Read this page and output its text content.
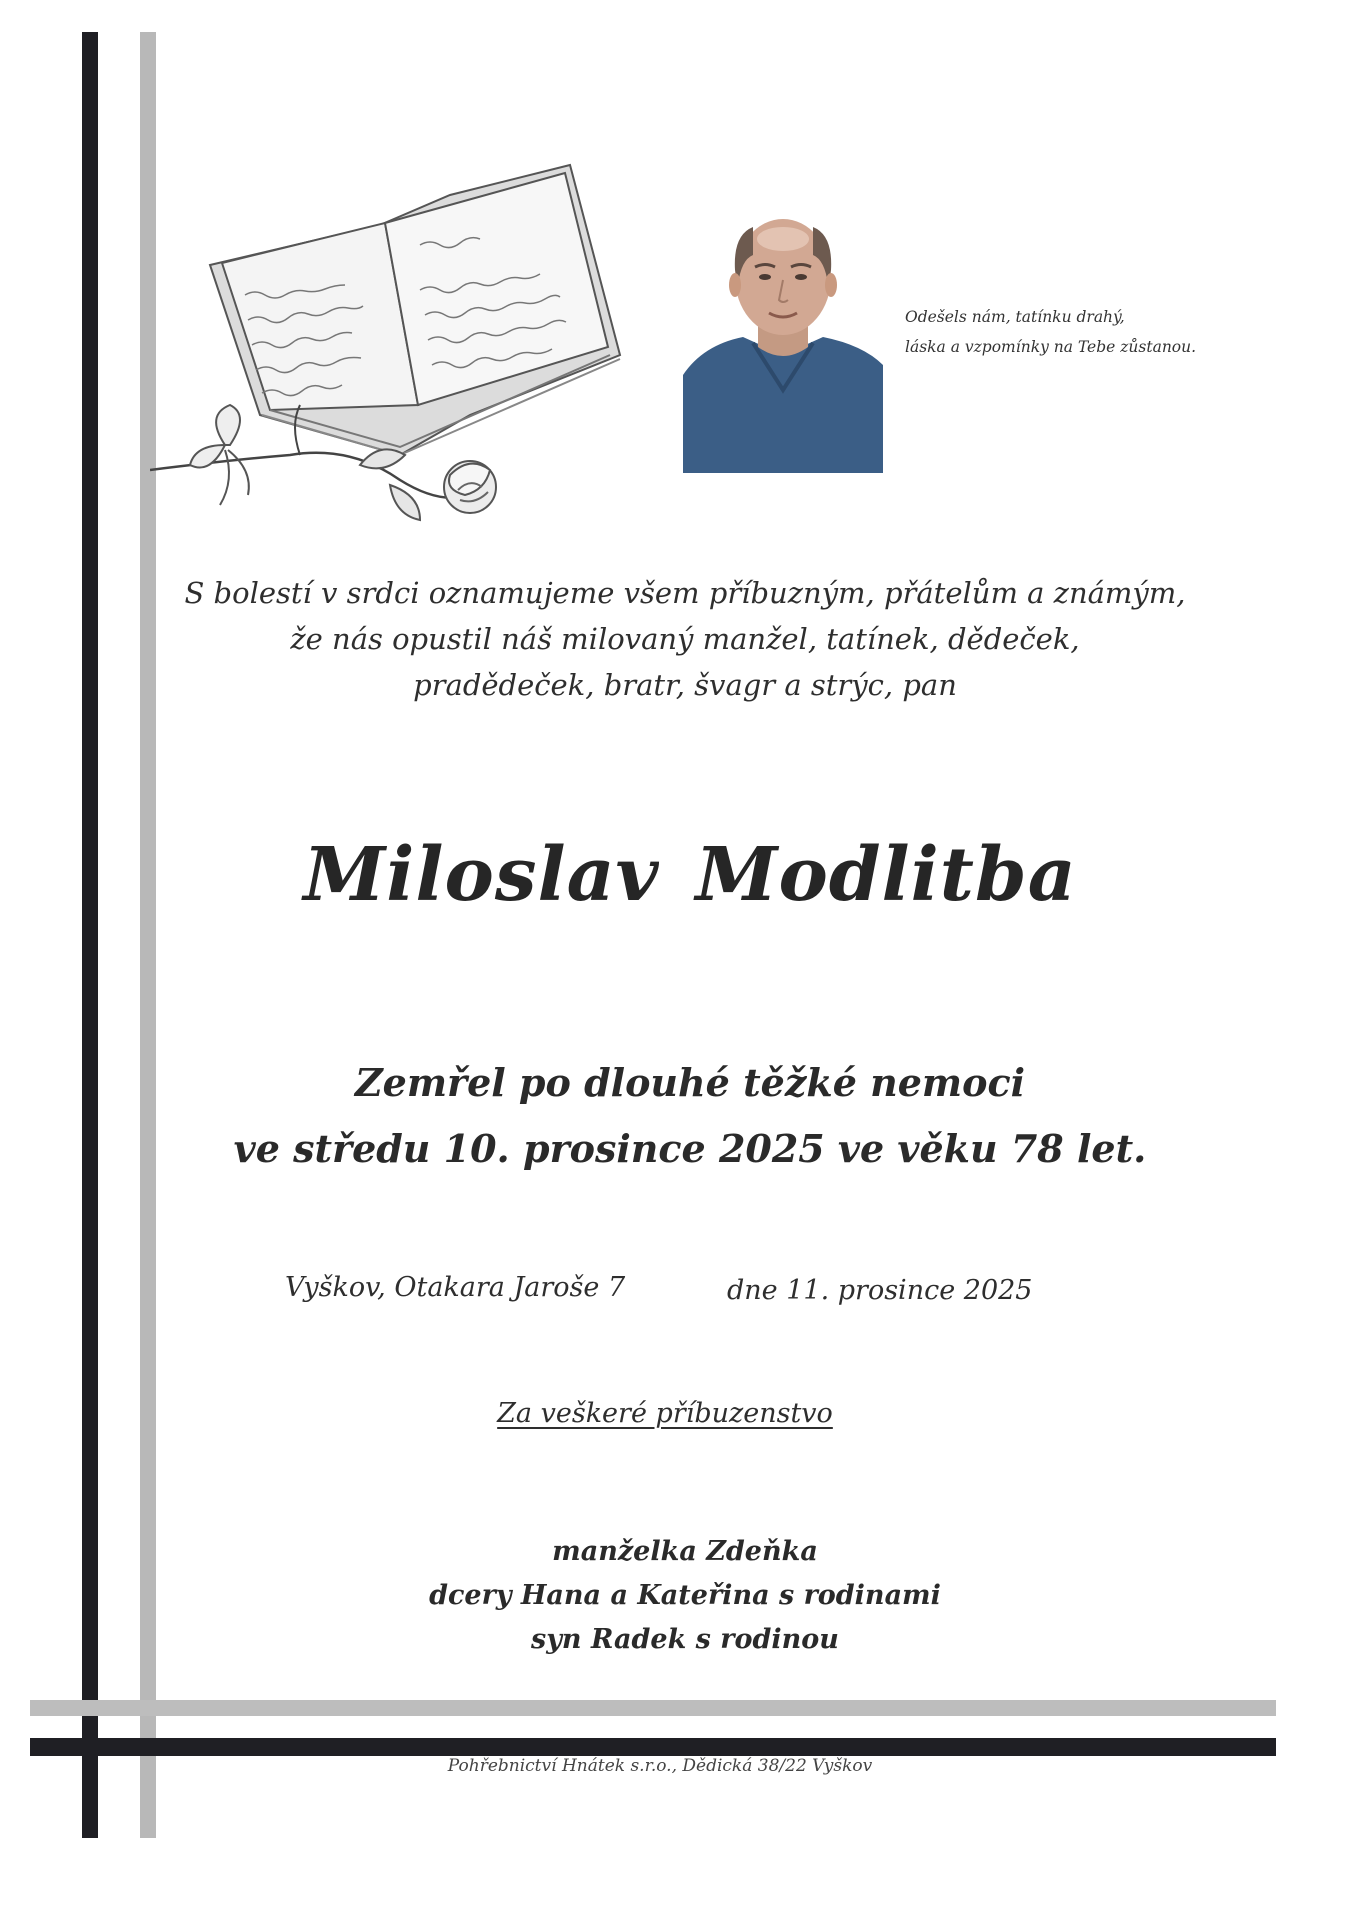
Odešels nám, tatínku drahý,
láska a vzpomínky na Tebe zůstanou.
S bolestí v srdci oznamujeme všem příbuzným, přátelům a známým,
že nás opustil náš milovaný manžel, tatínek, dědeček,
pradědeček, bratr, švagr a strýc, pan
Miloslav Modlitba
Zemřel po dlouhé těžké nemoci
ve středu 10. prosince 2025 ve věku 78 let.
Vyškov, Otakara Jaroše 7	dne 11. prosince 2025
Za veškeré příbuzenstvo
manželka Zdeňka
dcery Hana a Kateřina s rodinami
syn Radek s rodinou
Pohřebnictví Hnátek s.r.o., Dědická 38/22 Vyškov
